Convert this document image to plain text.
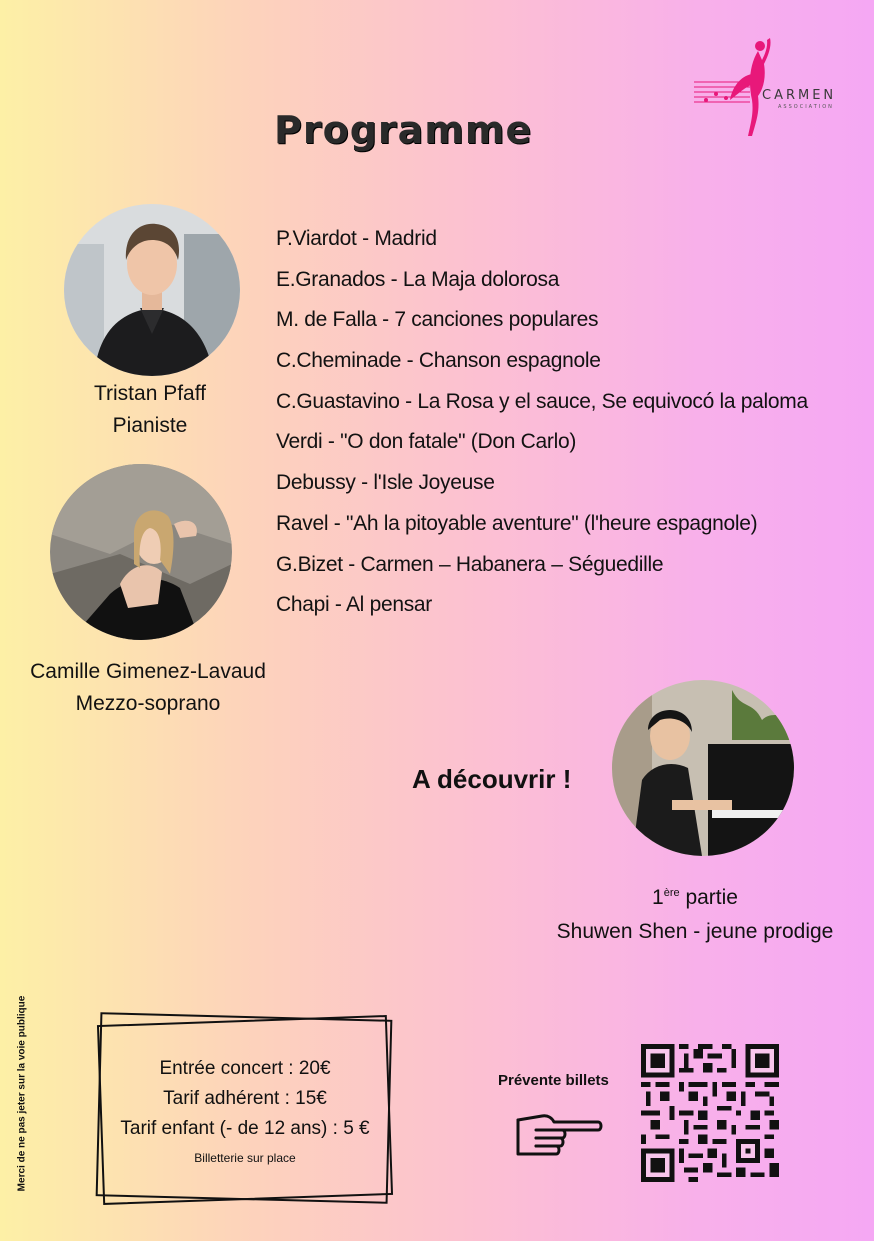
CARMEN
ASSOCIATION
Programme
P.Viardot - Madrid
E.Granados - La Maja dolorosa
M. de Falla - 7 canciones populares
C.Cheminade - Chanson espagnole
C.Guastavino - La Rosa y el sauce, Se equivocó la paloma
Verdi - "O don fatale" (Don Carlo)
Debussy - l'Isle Joyeuse
Ravel - "Ah la pitoyable aventure" (l'heure espagnole)
G.Bizet - Carmen – Habanera – Séguedille
Chapi - Al pensar
Tristan Pfaff
Pianiste
Camille Gimenez-Lavaud
Mezzo-soprano
A découvrir !
1ère partie
Shuwen Shen - jeune prodige
Merci de ne pas jeter sur la voie publique	Entrée concert : 20€
Tarif adhérent : 15€
Tarif enfant (- de 12 ans) : 5 €
Billetterie sur place
Prévente billets
